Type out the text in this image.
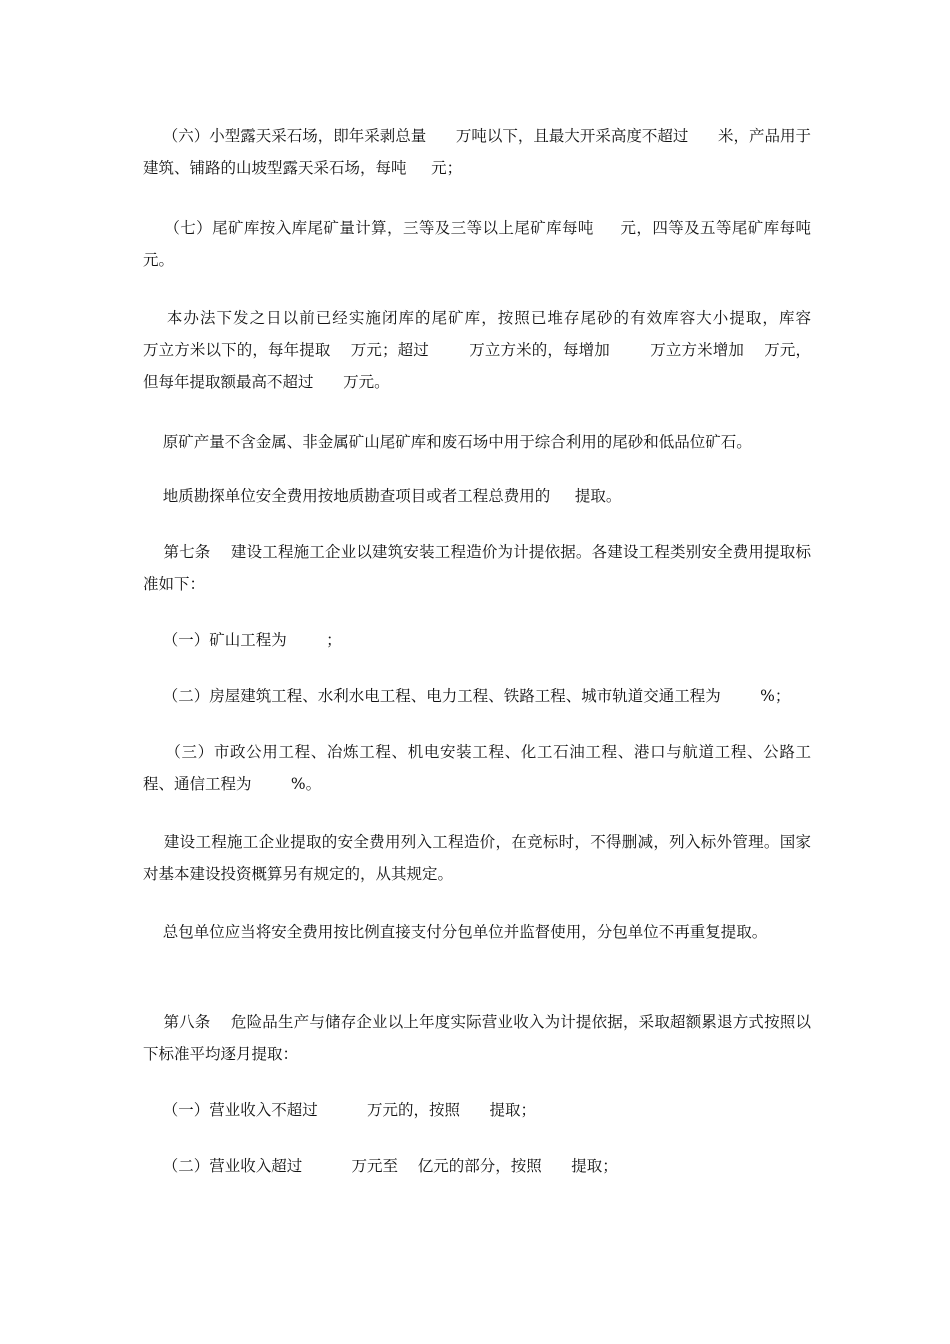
（六）小型露天采石场，即年采剥总量      万吨以下，且最大开采高度不超过      米，产品用于建筑、铺路的山坡型露天采石场，每吨     元；

（七）尾矿库按入库尾矿量计算，三等及三等以上尾矿库每吨     元，四等及五等尾矿库每吨        元。

本办法下发之日以前已经实施闭库的尾矿库，按照已堆存尾砂的有效库容大小提取，库容        万立方米以下的，每年提取    万元；超过        万立方米的，每增加        万立方米增加    万元，但每年提取额最高不超过      万元。

原矿产量不含金属、非金属矿山尾矿库和废石场中用于综合利用的尾砂和低品位矿石。

地质勘探单位安全费用按地质勘查项目或者工程总费用的     提取。

第七条    建设工程施工企业以建筑安装工程造价为计提依据。各建设工程类别安全费用提取标准如下：

（一）矿山工程为        ；

（二）房屋建筑工程、水利水电工程、电力工程、铁路工程、城市轨道交通工程为        %；

（三）市政公用工程、冶炼工程、机电安装工程、化工石油工程、港口与航道工程、公路工程、通信工程为        %。

建设工程施工企业提取的安全费用列入工程造价，在竞标时，不得删减，列入标外管理。国家对基本建设投资概算另有规定的，从其规定。

总包单位应当将安全费用按比例直接支付分包单位并监督使用，分包单位不再重复提取。

第八条    危险品生产与储存企业以上年度实际营业收入为计提依据，采取超额累退方式按照以下标准平均逐月提取：

（一）营业收入不超过          万元的，按照      提取；

（二）营业收入超过          万元至    亿元的部分，按照      提取；
